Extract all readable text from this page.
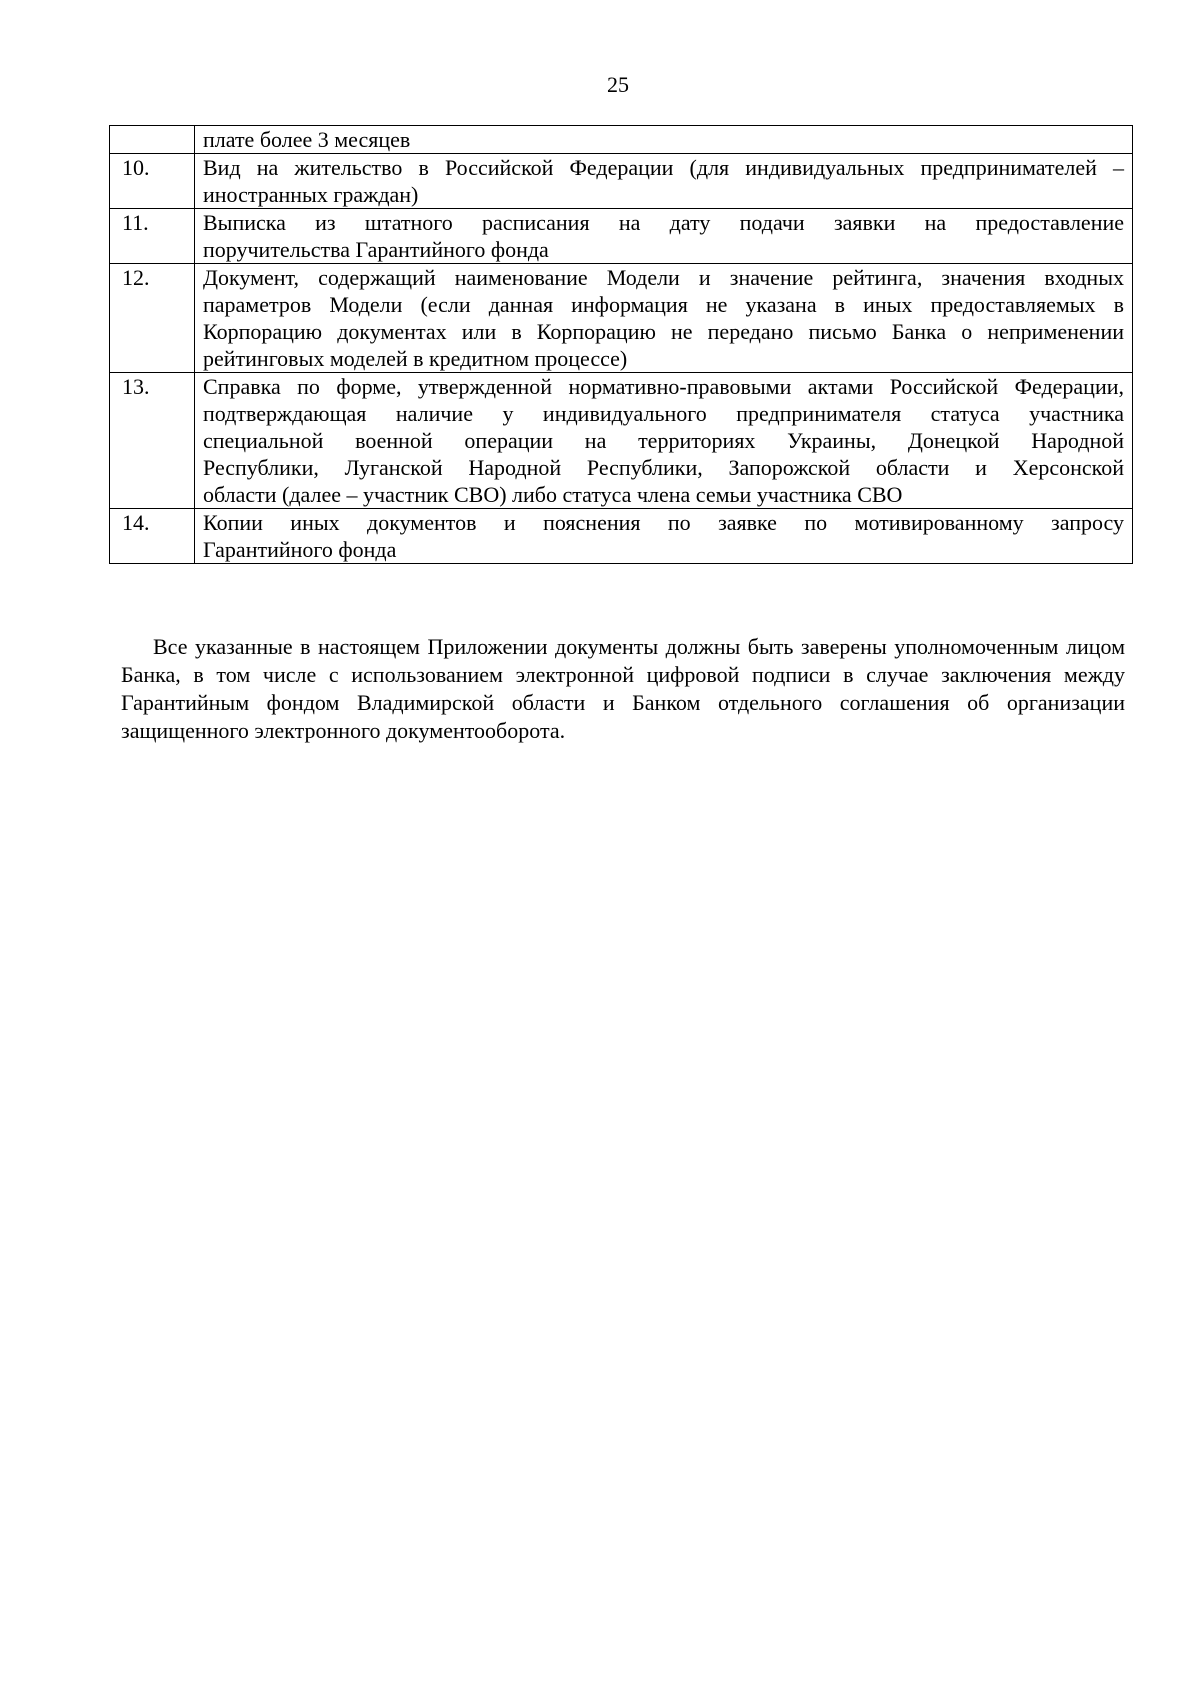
25

	плате более 3 месяцев

10.	Вид на жительство в Российской Федерации (для индивидуальных предпринимателей –
иностранных граждан)

11.	Выписка из штатного расписания на дату подачи заявки на предоставление
поручительства Гарантийного фонда

12.	Документ, содержащий наименование Модели и значение рейтинга, значения входных
параметров Модели (если данная информация не указана в иных предоставляемых в
Корпорацию документах или в Корпорацию не передано письмо Банка о неприменении
рейтинговых моделей в кредитном процессе)

13.	Справка по форме, утвержденной нормативно-правовыми актами Российской Федерации,
подтверждающая наличие у индивидуального предпринимателя статуса участника
специальной военной операции на территориях Украины, Донецкой Народной
Республики, Луганской Народной Республики, Запорожской области и Херсонской
области (далее – участник СВО) либо статуса члена семьи участника СВО

14.	Копии иных документов и пояснения по заявке по мотивированному запросу
Гарантийного фонда
Все указанные в настоящем Приложении документы должны быть заверены уполномоченным лицом Банка, в том числе с использованием электронной цифровой подписи в случае заключения между Гарантийным фондом Владимирской области и Банком отдельного соглашения об организации защищенного электронного документооборота.
